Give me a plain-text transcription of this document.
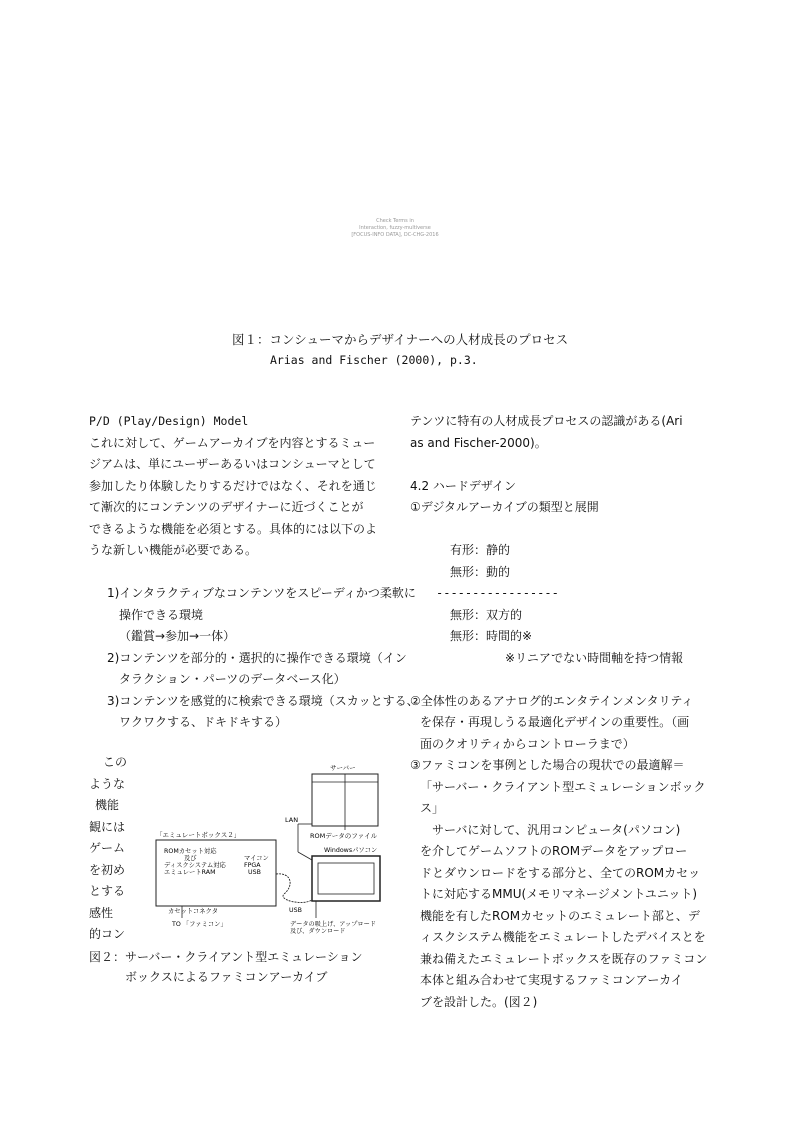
Check Terms in
Interaction, fuzzy-multiverse
[FOCUS-INFO DATA], DC-CHG-2016
図１：コンシューマからデザイナーへの人材成長のプロセス
Arias and Fischer (2000), p.3.
P/D (Play/Design) Model
これに対して、ゲームアーカイブを内容とするミュー
ジアムは、単にユーザーあるいはコンシューマとして
参加したり体験したりするだけではなく、それを通じ
て漸次的にコンテンツのデザイナーに近づくことが
できるような機能を必須とする。具体的には以下のよ
うな新しい機能が必要である。
1)インタラクティブなコンテンツをスピーディかつ柔軟に
操作できる環境
（鑑賞→参加→一体）
2)コンテンツを部分的・選択的に操作できる環境（イン
タラクション・パーツのデータベース化）
3)コンテンツを感覚的に検索できる環境（スカッとする、
ワクワクする、ドキドキする）
この
ような
機能
観には
ゲーム
を初め
とする
感性
的コン
サーバー
ROMデータのファイル
LAN
「エミュレートボックス２」
ROMカセット対応
及び
ディスクシステム対応
エミュレートRAM
マイコン
FPGA
USB
Windowsパソコン
カセットコネクタ
TO 「ファミコン」
USB
データの吸上げ、アップロード
及び、ダウンロード
図２：サーバー・クライアント型エミュレーション
ボックスによるファミコンアーカイブ
テンツに特有の人材成長プロセスの認識がある(Ari
as and Fischer-2000)。
4.2 ハードデザイン
①デジタルアーカイブの類型と展開
有形：静的
無形：動的
-----------------
無形：双方的
無形：時間的※
※リニアでない時間軸を持つ情報
②全体性のあるアナログ的エンタテインメンタリティ
を保存・再現しうる最適化デザインの重要性。（画
面のクオリティからコントローラまで）
③ファミコンを事例とした場合の現状での最適解＝
「サーバー・クライアント型エミュレーションボック
ス」
　サーバに対して、汎用コンピュータ(パソコン)
を介してゲームソフトのROMデータをアップロー
ドとダウンロードをする部分と、全てのROMカセッ
トに対応するMMU(メモリマネージメントユニット)
機能を有したROMカセットのエミュレート部と、デ
ィスクシステム機能をエミュレートしたデバイスとを
兼ね備えたエミュレートボックスを既存のファミコン
本体と組み合わせて実現するファミコンアーカイ
ブを設計した。(図２)
